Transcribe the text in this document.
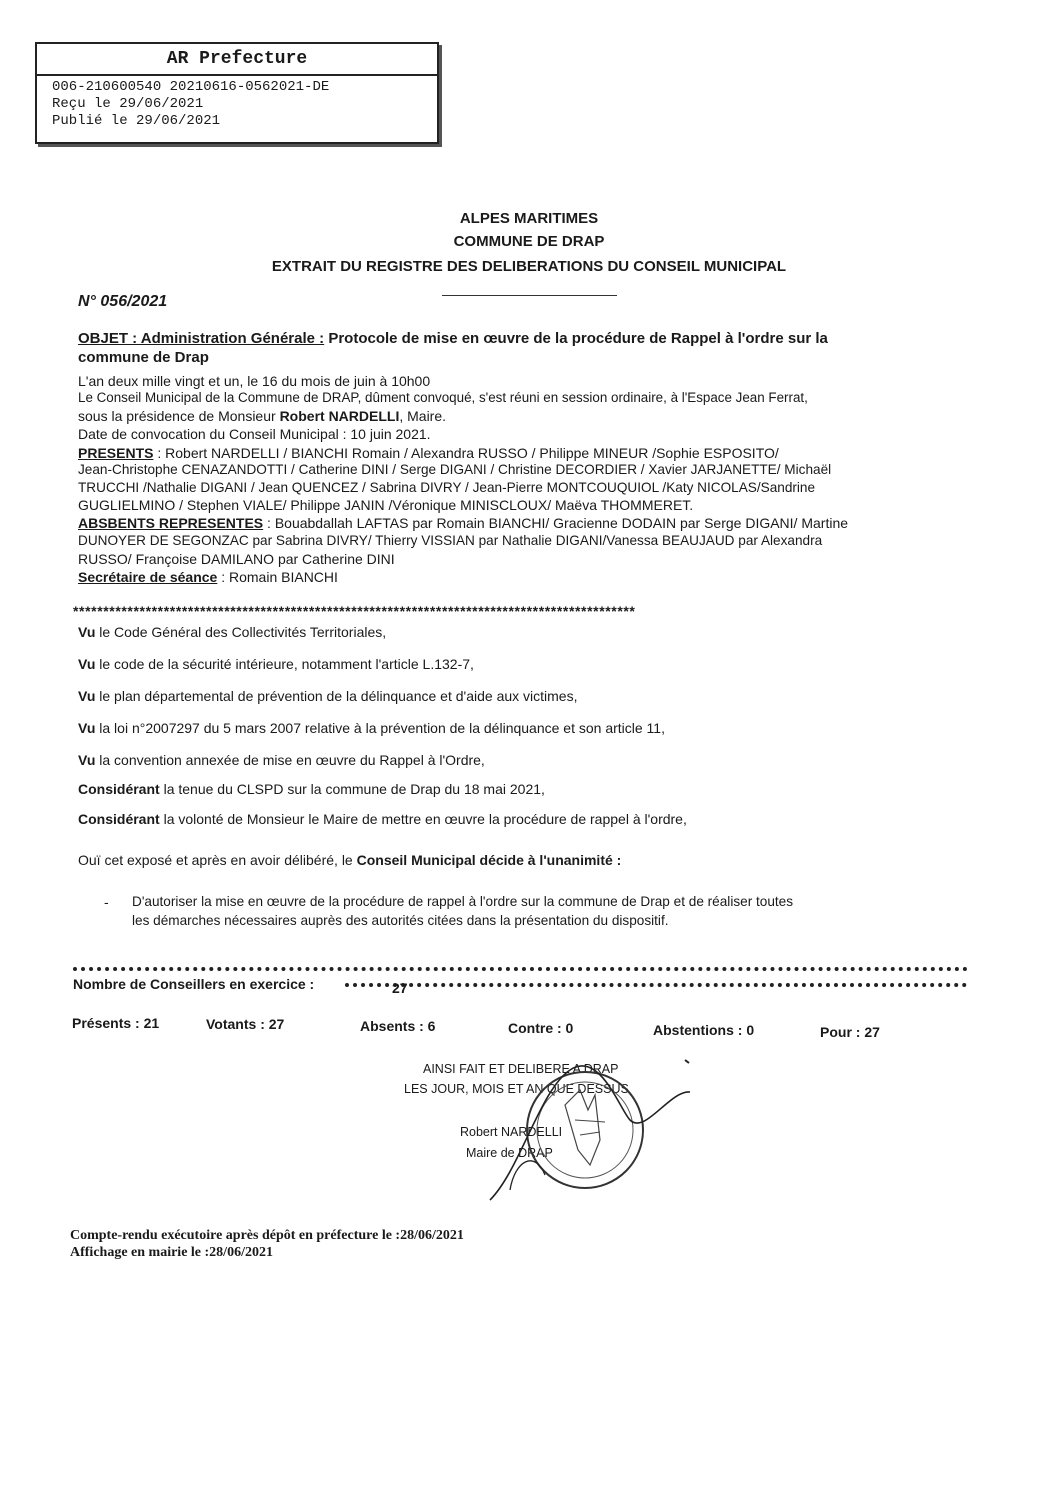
AR Prefecture
006-210600540 20210616-0562021-DE
Reçu le 29/06/2021
Publié le 29/06/2021
ALPES MARITIMES
COMMUNE DE DRAP
EXTRAIT DU REGISTRE DES DELIBERATIONS DU CONSEIL MUNICIPAL
N° 056/2021
OBJET : Administration Générale : Protocole de mise en œuvre de la procédure de Rappel à l'ordre sur la
commune de Drap
L'an deux mille vingt et un, le 16 du mois de juin à 10h00
Le Conseil Municipal de la Commune de DRAP, dûment convoqué, s'est réuni en session ordinaire, à l'Espace Jean Ferrat,
sous la présidence de Monsieur Robert NARDELLI, Maire.
Date de convocation du Conseil Municipal : 10 juin 2021.
PRESENTS : Robert NARDELLI / BIANCHI Romain / Alexandra RUSSO / Philippe MINEUR /Sophie ESPOSITO/
Jean-Christophe CENAZANDOTTI / Catherine DINI / Serge DIGANI / Christine DECORDIER / Xavier JARJANETTE/ Michaël
TRUCCHI /Nathalie DIGANI / Jean QUENCEZ / Sabrina DIVRY / Jean-Pierre MONTCOUQUIOL /Katy NICOLAS/Sandrine
GUGLIELMINO / Stephen VIALE/ Philippe JANIN /Véronique MINISCLOUX/ Maëva THOMMERET.
ABSBENTS REPRESENTES : Bouabdallah LAFTAS par Romain BIANCHI/ Gracienne DODAIN par Serge DIGANI/ Martine
DUNOYER DE SEGONZAC par Sabrina DIVRY/ Thierry VISSIAN par Nathalie DIGANI/Vanessa BEAUJAUD par Alexandra
RUSSO/ Françoise DAMILANO par Catherine DINI
Secrétaire de séance : Romain BIANCHI
*********************************************************************************************
Vu le Code Général des Collectivités Territoriales,
Vu le code de la sécurité intérieure, notamment l'article L.132-7,
Vu le plan départemental de prévention de la délinquance et d'aide aux victimes,
Vu la loi n°2007297 du 5 mars 2007 relative à la prévention de la délinquance et son article 11,
Vu la convention annexée de mise en œuvre du Rappel à l'Ordre,
Considérant la tenue du CLSPD sur la commune de Drap du 18 mai 2021,
Considérant la volonté de Monsieur le Maire de mettre en œuvre la procédure de rappel à l'ordre,
Ouï cet exposé et après en avoir délibéré, le Conseil Municipal décide à l'unanimité :
- D'autoriser la mise en œuvre de la procédure de rappel à l'ordre sur la commune de Drap et de réaliser toutes
les démarches nécessaires auprès des autorités citées dans la présentation du dispositif.
Nombre de Conseillers en exercice :	27
Présents : 21	Votants : 27	Absents : 6	Contre : 0	Abstentions : 0	Pour : 27
AINSI FAIT ET DELIBERE A DRAP
LES JOUR, MOIS ET AN QUE DESSUS
Robert NARDELLI
Maire de DRAP
Compte-rendu exécutoire après dépôt en préfecture le :28/06/2021
Affichage en mairie le :28/06/2021
